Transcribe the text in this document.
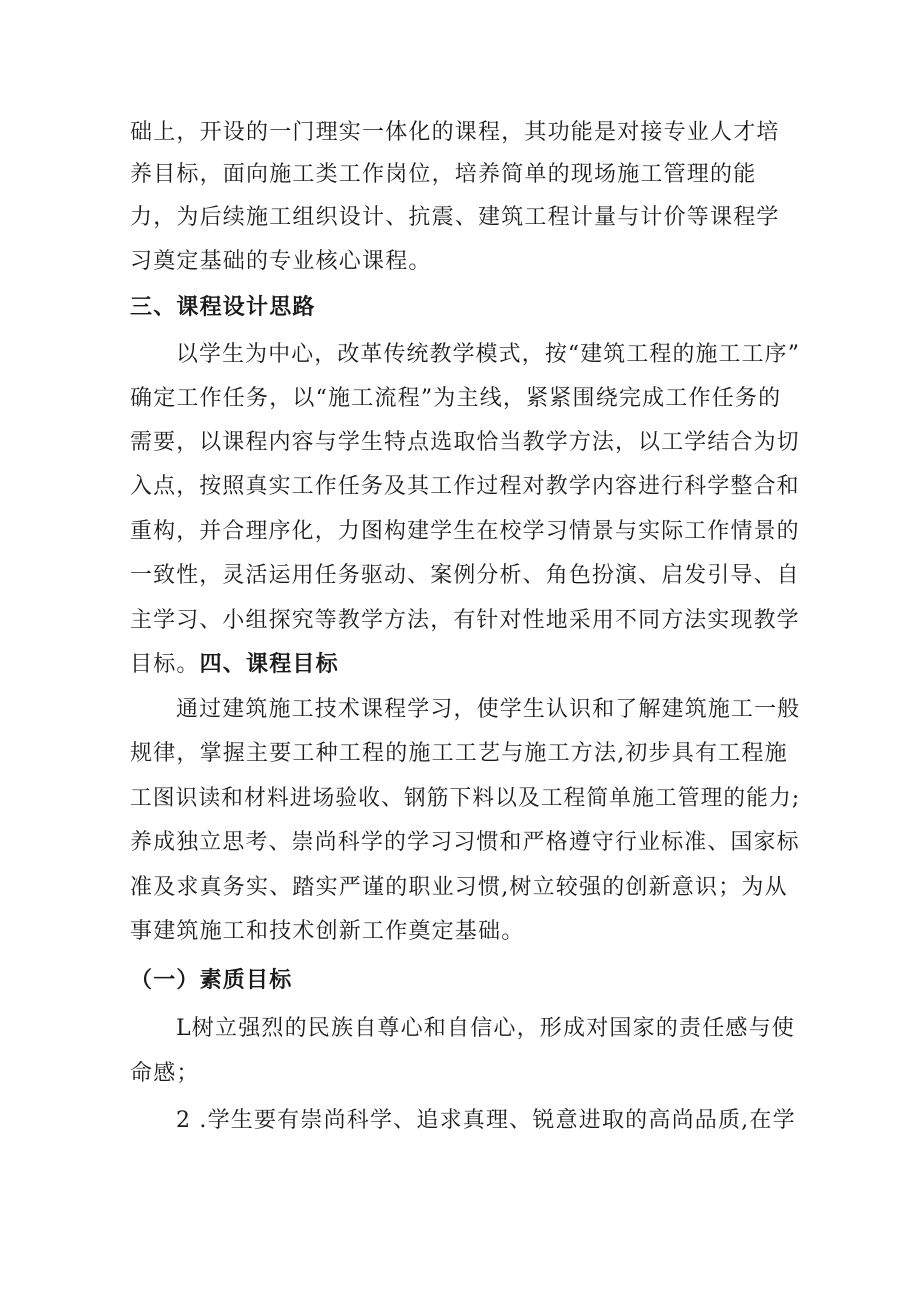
础上，开设的一门理实一体化的课程，其功能是对接专业人才培
养目标，面向施工类工作岗位，培养简单的现场施工管理的能
力，为后续施工组织设计、抗震、建筑工程计量与计价等课程学
习奠定基础的专业核心课程。
三、课程设计思路
以学生为中心，改革传统教学模式，按“建筑工程的施工工序”
确定工作任务，以“施工流程”为主线，紧紧围绕完成工作任务的
需要，以课程内容与学生特点选取恰当教学方法，以工学结合为切
入点，按照真实工作任务及其工作过程对教学内容进行科学整合和
重构，并合理序化，力图构建学生在校学习情景与实际工作情景的
一致性，灵活运用任务驱动、案例分析、角色扮演、启发引导、自
主学习、小组探究等教学方法，有针对性地采用不同方法实现教学
目标。四、课程目标
通过建筑施工技术课程学习，使学生认识和了解建筑施工一般
规律，掌握主要工种工程的施工工艺与施工方法,初步具有工程施
工图识读和材料进场验收、钢筋下料以及工程简单施工管理的能力;
养成独立思考、崇尚科学的学习习惯和严格遵守行业标准、国家标
准及求真务实、踏实严谨的职业习惯,树立较强的创新意识；为从
事建筑施工和技术创新工作奠定基础。
（一）素质目标
L树立强烈的民族自尊心和自信心，形成对国家的责任感与使
命感；
2 .学生要有崇尚科学、追求真理、锐意进取的高尚品质,在学
